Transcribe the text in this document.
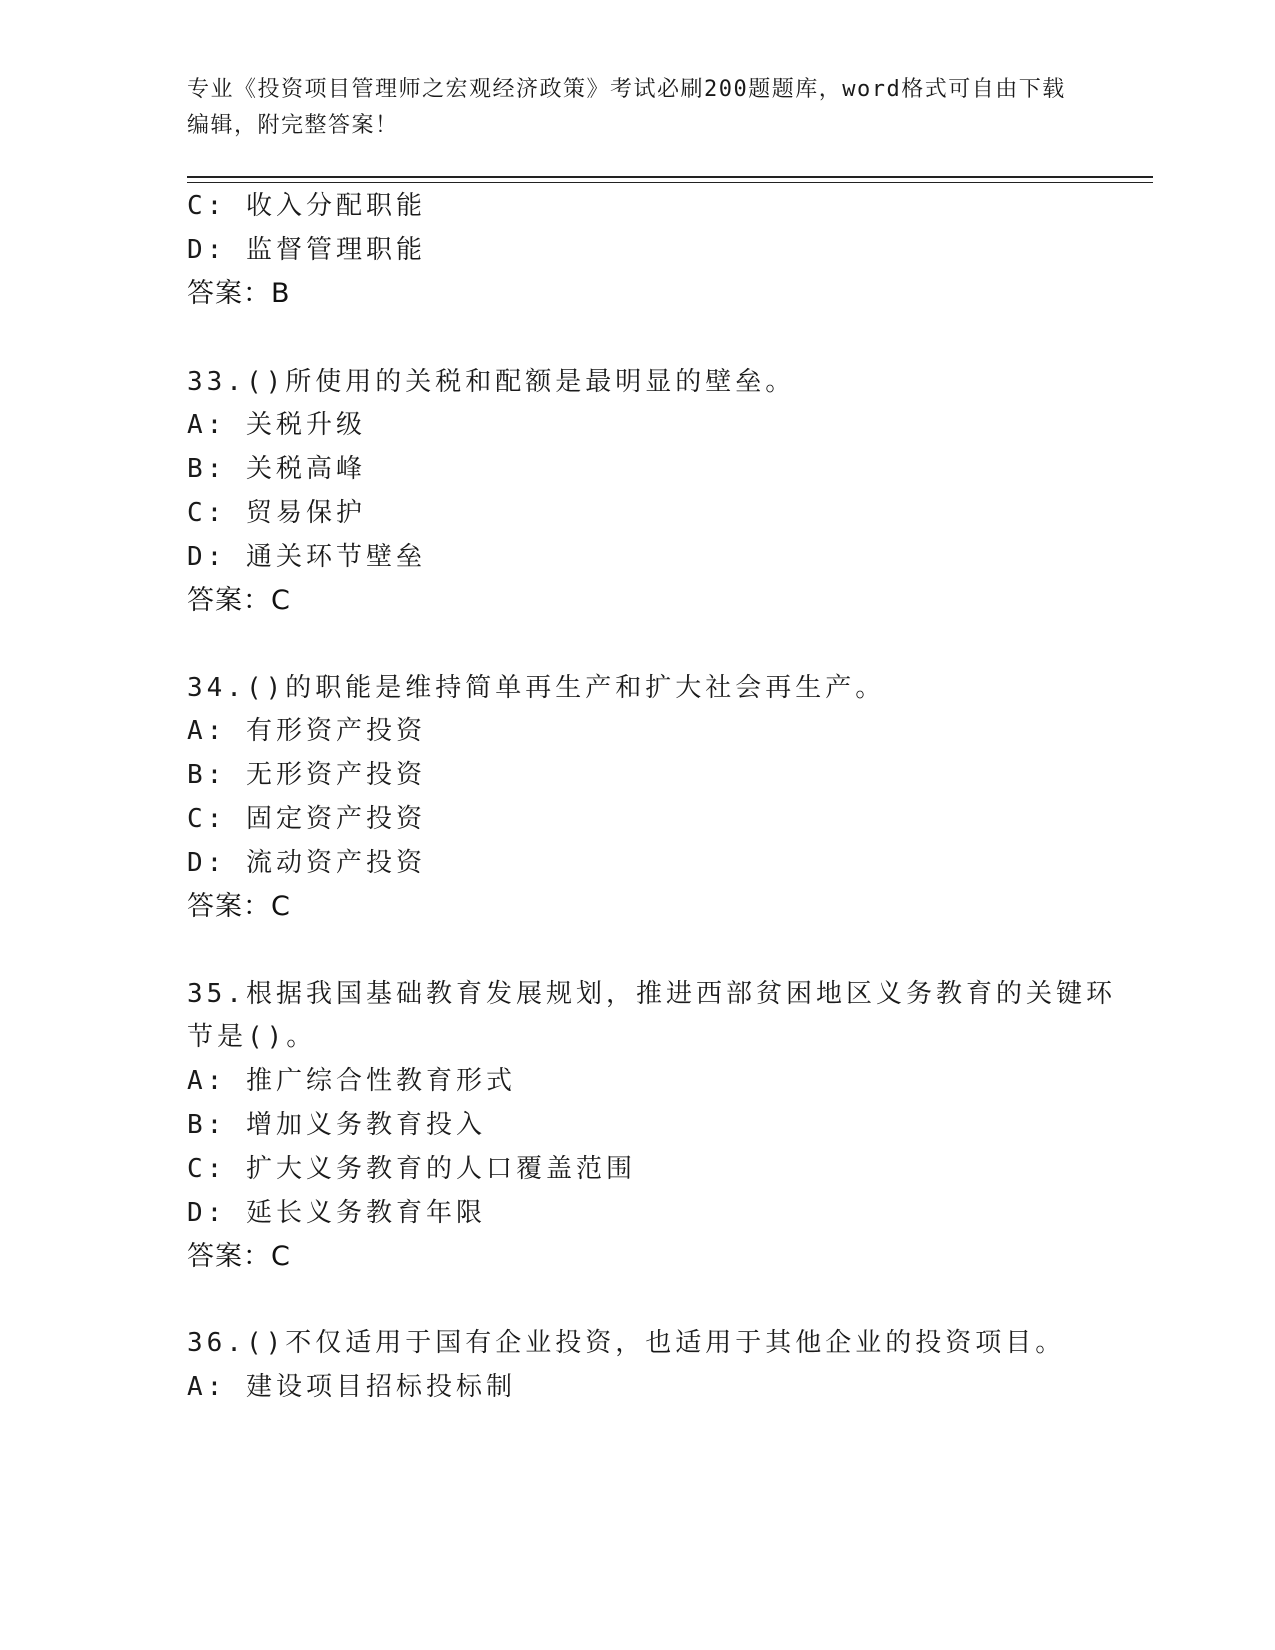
专业《投资项目管理师之宏观经济政策》考试必刷200题题库，word格式可自由下载编辑，附完整答案！
C: 收入分配职能
D: 监督管理职能
答案：B
33.()所使用的关税和配额是最明显的壁垒。
A: 关税升级
B: 关税高峰
C: 贸易保护
D: 通关环节壁垒
答案：C
34.()的职能是维持简单再生产和扩大社会再生产。
A: 有形资产投资
B: 无形资产投资
C: 固定资产投资
D: 流动资产投资
答案：C
35.根据我国基础教育发展规划，推进西部贫困地区义务教育的关键环
节是()。
A: 推广综合性教育形式
B: 增加义务教育投入
C: 扩大义务教育的人口覆盖范围
D: 延长义务教育年限
答案：C
36.()不仅适用于国有企业投资，也适用于其他企业的投资项目。
A: 建设项目招标投标制
